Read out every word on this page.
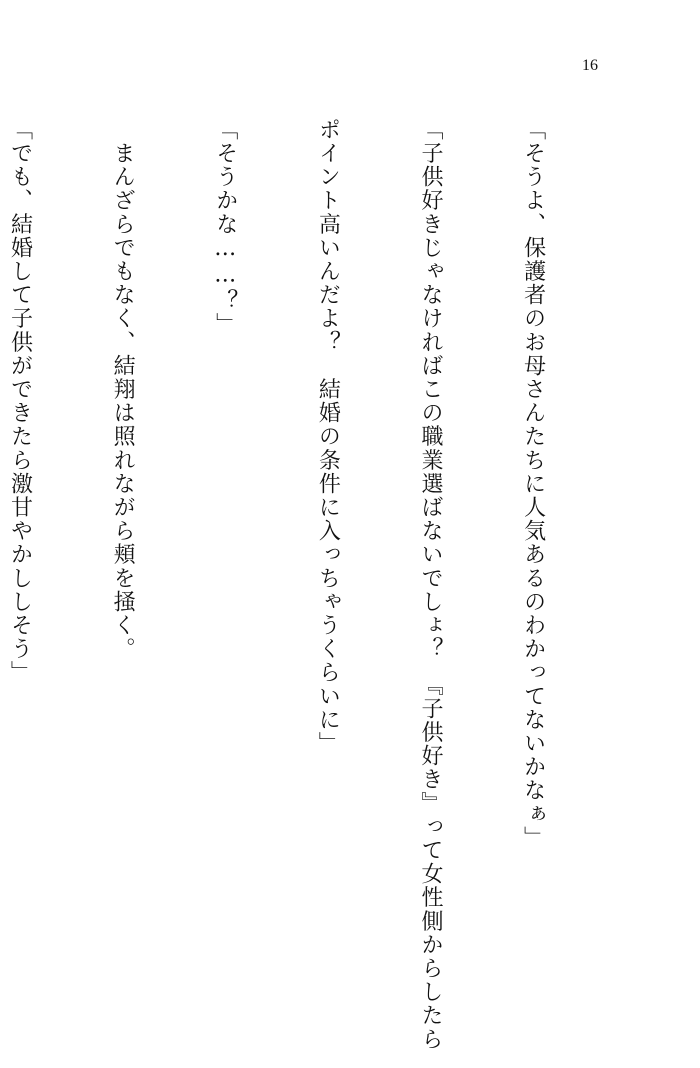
16

「そうよ、保護者のお母さんたちに人気あるのわかってないかなぁ」

「子供好きじゃなければこの職業選ばないでしょ？　『子供好き』って女性側からしたら

ポイント高いんだよ？　結婚の条件に入っちゃうくらいに」

「そうかな……？」

　まんざらでもなく、結翔は照れながら頬を掻く。

「でも、結婚して子供ができたら激甘やかししそう」
